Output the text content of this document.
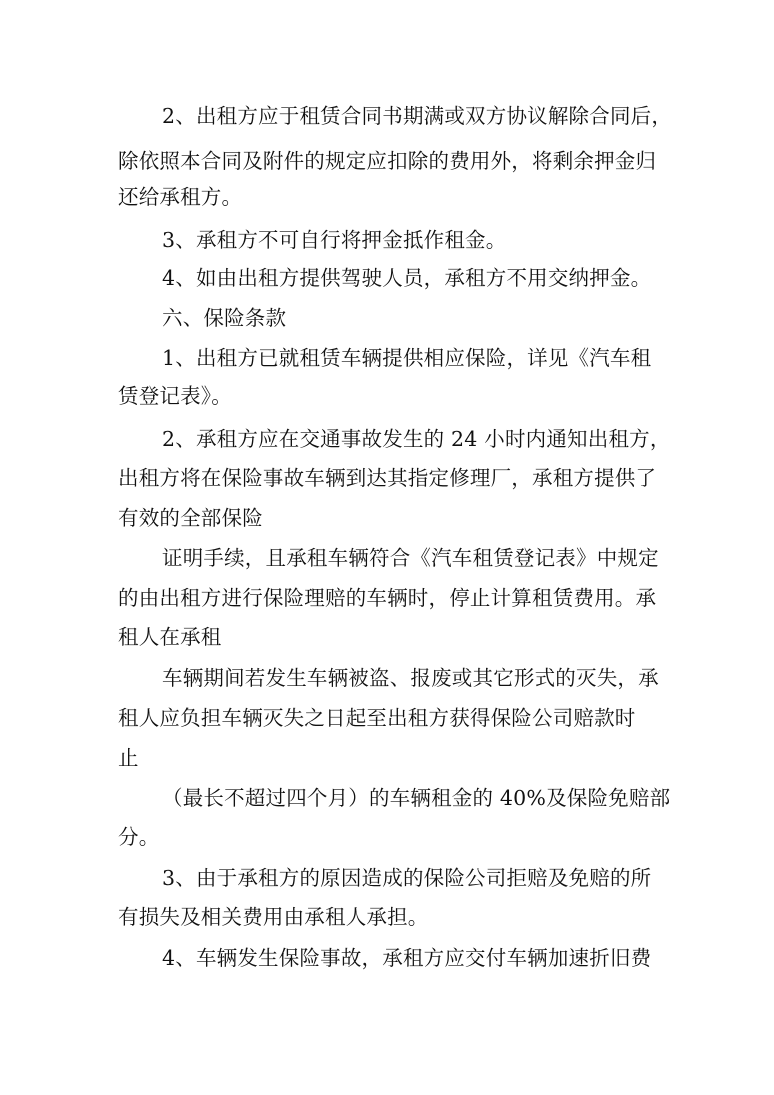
2、出租方应于租赁合同书期满或双方协议解除合同后，
除依照本合同及附件的规定应扣除的费用外，将剩余押金归
还给承租方。
3、承租方不可自行将押金抵作租金。
4、如由出租方提供驾驶人员，承租方不用交纳押金。
六、保险条款
1、出租方已就租赁车辆提供相应保险，详见《汽车租
赁登记表》。
2、承租方应在交通事故发生的 24 小时内通知出租方，
出租方将在保险事故车辆到达其指定修理厂，承租方提供了
有效的全部保险
证明手续，且承租车辆符合《汽车租赁登记表》中规定
的由出租方进行保险理赔的车辆时，停止计算租赁费用。承
租人在承租
车辆期间若发生车辆被盗、报废或其它形式的灭失，承
租人应负担车辆灭失之日起至出租方获得保险公司赔款时
止
（最长不超过四个月）的车辆租金的 40%及保险免赔部
分。
3、由于承租方的原因造成的保险公司拒赔及免赔的所
有损失及相关费用由承租人承担。
4、车辆发生保险事故，承租方应交付车辆加速折旧费
